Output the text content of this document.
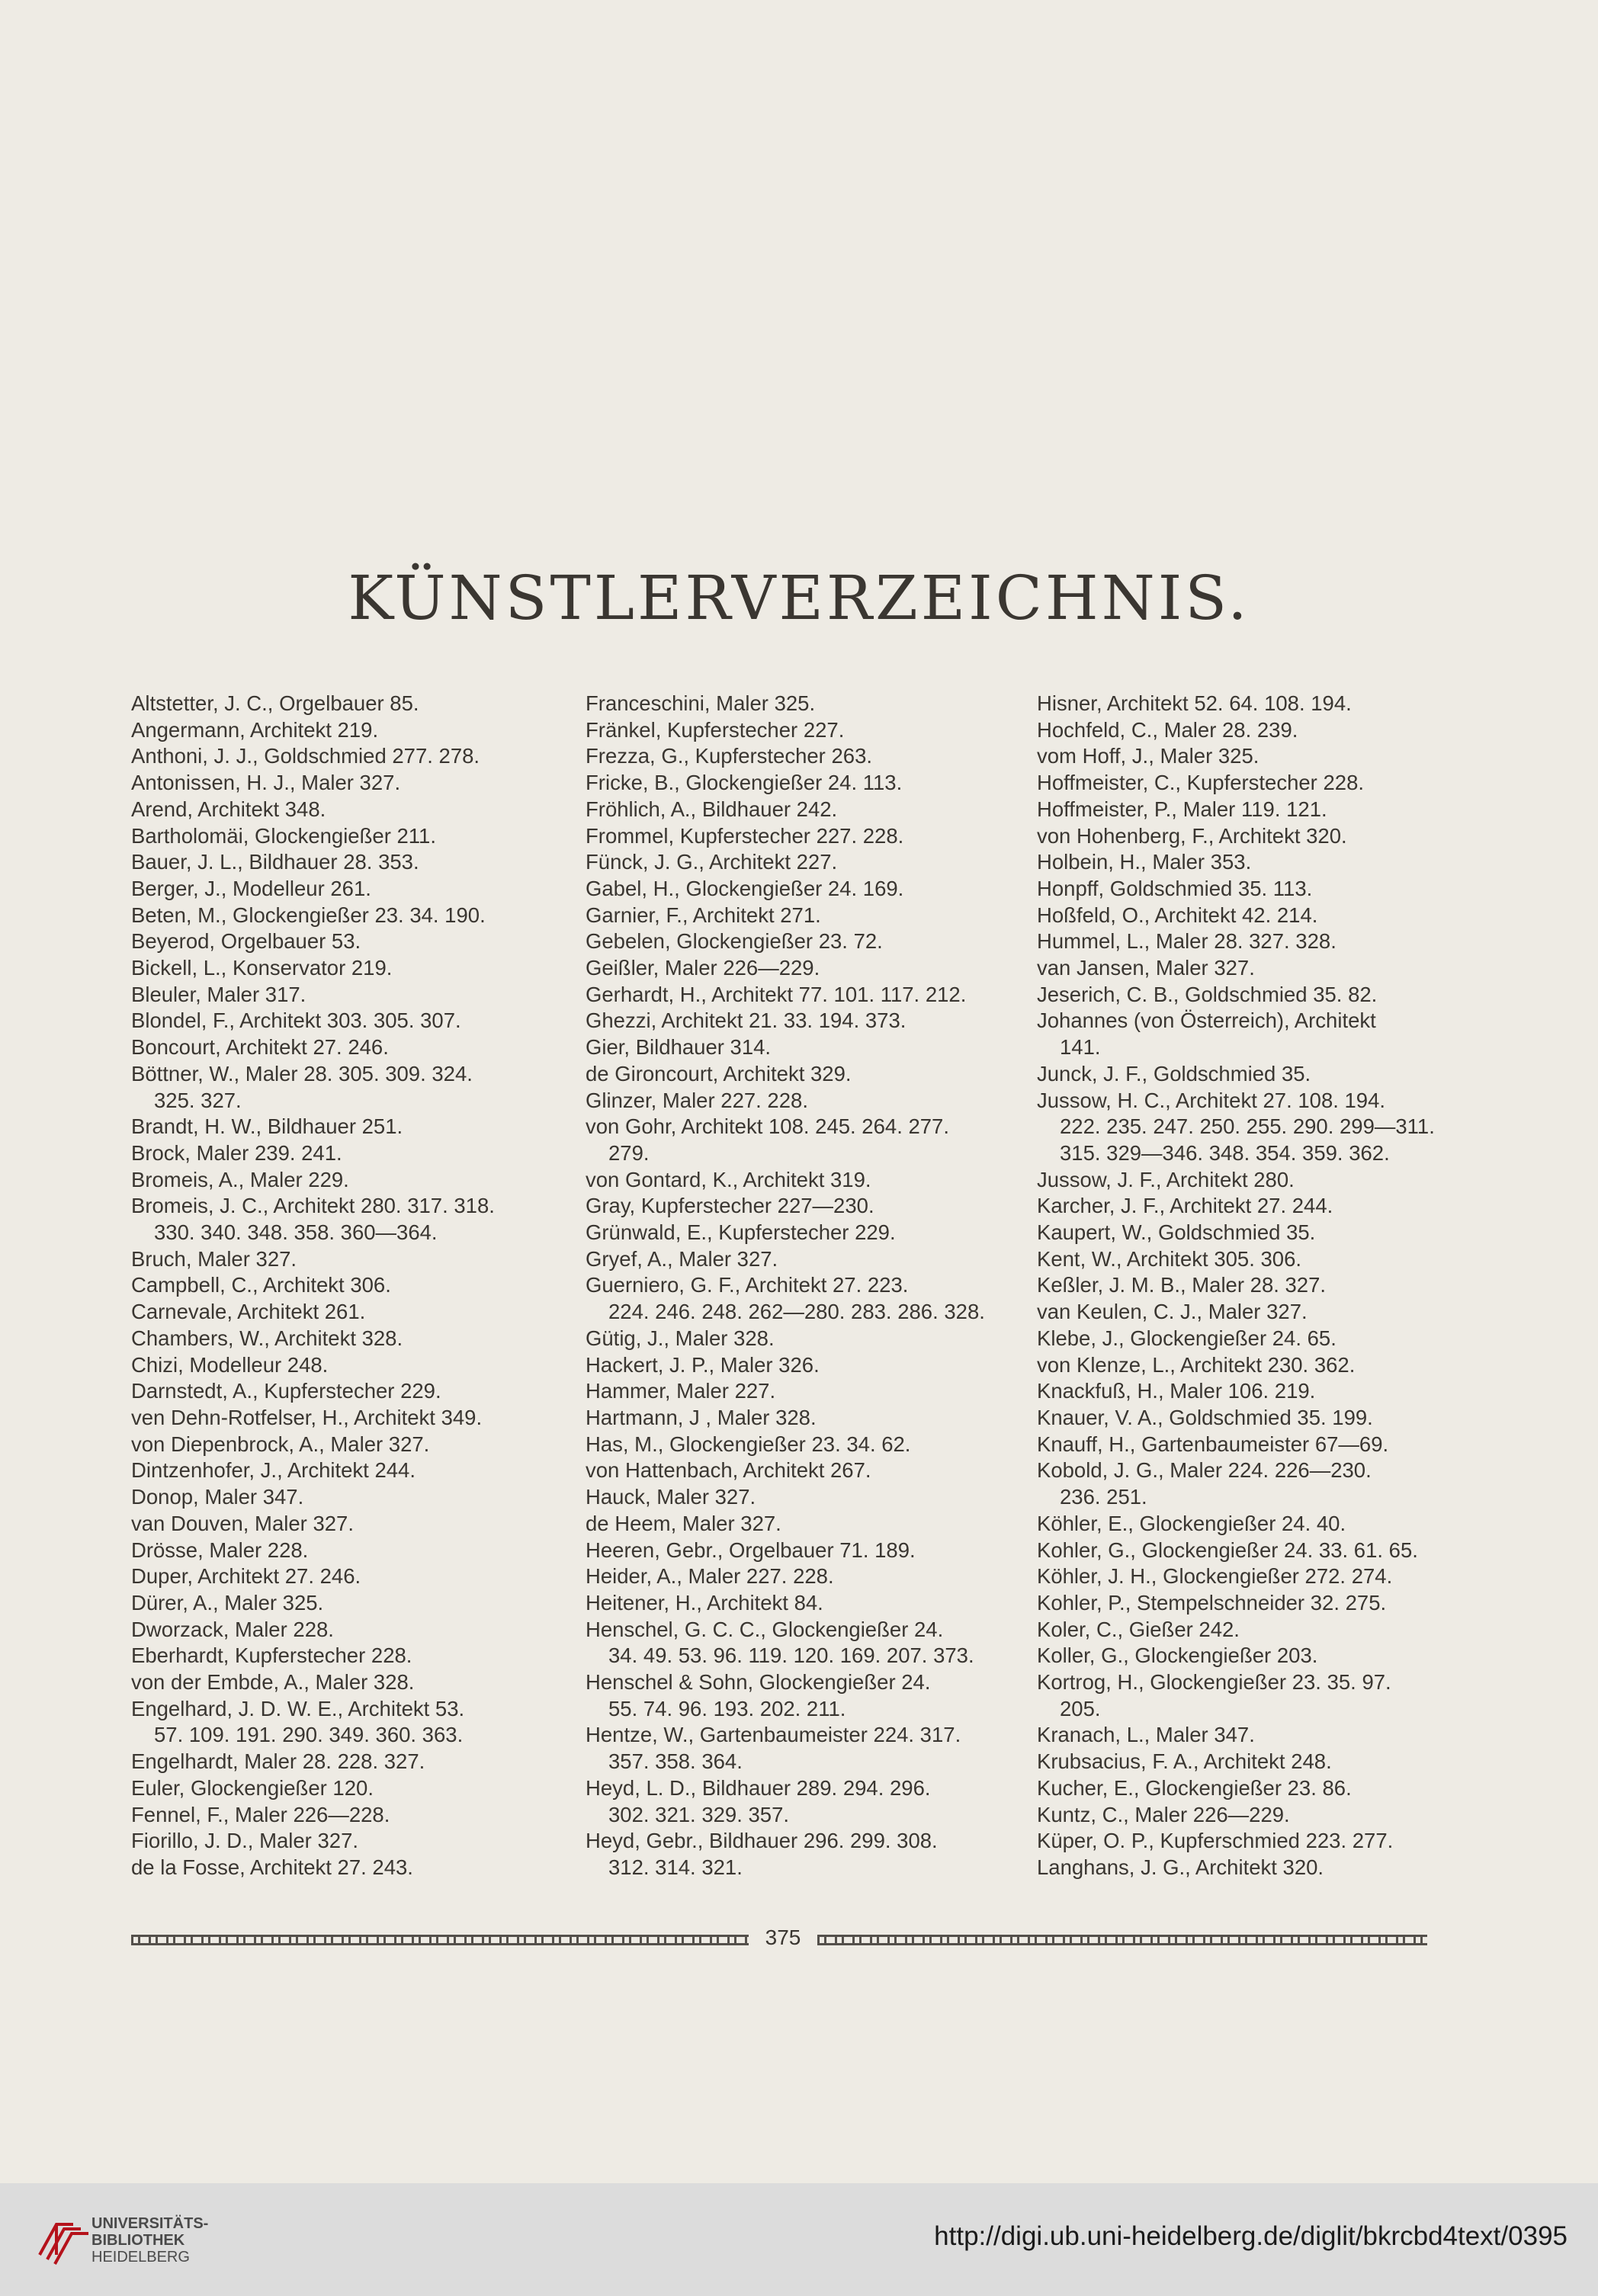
KÜNSTLERVERZEICHNIS.
Altstetter, J. C., Orgelbauer 85.
Angermann, Architekt 219.
Anthoni, J. J., Goldschmied 277. 278.
Antonissen, H. J., Maler 327.
Arend, Architekt 348.
Bartholomäi, Glockengießer 211.
Bauer, J. L., Bildhauer 28. 353.
Berger, J., Modelleur 261.
Beten, M., Glockengießer 23. 34. 190.
Beyerod, Orgelbauer 53.
Bickell, L., Konservator 219.
Bleuler, Maler 317.
Blondel, F., Architekt 303. 305. 307.
Boncourt, Architekt 27. 246.
Böttner, W., Maler 28. 305. 309. 324.
325. 327.
Brandt, H. W., Bildhauer 251.
Brock, Maler 239. 241.
Bromeis, A., Maler 229.
Bromeis, J. C., Architekt 280. 317. 318.
330. 340. 348. 358. 360—364.
Bruch, Maler 327.
Campbell, C., Architekt 306.
Carnevale, Architekt 261.
Chambers, W., Architekt 328.
Chizi, Modelleur 248.
Darnstedt, A., Kupferstecher 229.
ven Dehn-Rotfelser, H., Architekt 349.
von Diepenbrock, A., Maler 327.
Dintzenhofer, J., Architekt 244.
Donop, Maler 347.
van Douven, Maler 327.
Drösse, Maler 228.
Duper, Architekt 27. 246.
Dürer, A., Maler 325.
Dworzack, Maler 228.
Eberhardt, Kupferstecher 228.
von der Embde, A., Maler 328.
Engelhard, J. D. W. E., Architekt 53.
57. 109. 191. 290. 349. 360. 363.
Engelhardt, Maler 28. 228. 327.
Euler, Glockengießer 120.
Fennel, F., Maler 226—228.
Fiorillo, J. D., Maler 327.
de la Fosse, Architekt 27. 243.
Franceschini, Maler 325.
Fränkel, Kupferstecher 227.
Frezza, G., Kupferstecher 263.
Fricke, B., Glockengießer 24. 113.
Fröhlich, A., Bildhauer 242.
Frommel, Kupferstecher 227. 228.
Fünck, J. G., Architekt 227.
Gabel, H., Glockengießer 24. 169.
Garnier, F., Architekt 271.
Gebelen, Glockengießer 23. 72.
Geißler, Maler 226—229.
Gerhardt, H., Architekt 77. 101. 117. 212.
Ghezzi, Architekt 21. 33. 194. 373.
Gier, Bildhauer 314.
de Gironcourt, Architekt 329.
Glinzer, Maler 227. 228.
von Gohr, Architekt 108. 245. 264. 277.
279.
von Gontard, K., Architekt 319.
Gray, Kupferstecher 227—230.
Grünwald, E., Kupferstecher 229.
Gryef, A., Maler 327.
Guerniero, G. F., Architekt 27. 223.
224. 246. 248. 262—280. 283. 286. 328.
Gütig, J., Maler 328.
Hackert, J. P., Maler 326.
Hammer, Maler 227.
Hartmann, J , Maler 328.
Has, M., Glockengießer 23. 34. 62.
von Hattenbach, Architekt 267.
Hauck, Maler 327.
de Heem, Maler 327.
Heeren, Gebr., Orgelbauer 71. 189.
Heider, A., Maler 227. 228.
Heitener, H., Architekt 84.
Henschel, G. C. C., Glockengießer 24.
34. 49. 53. 96. 119. 120. 169. 207. 373.
Henschel & Sohn, Glockengießer 24.
55. 74. 96. 193. 202. 211.
Hentze, W., Gartenbaumeister 224. 317.
357. 358. 364.
Heyd, L. D., Bildhauer 289. 294. 296.
302. 321. 329. 357.
Heyd, Gebr., Bildhauer 296. 299. 308.
312. 314. 321.
Hisner, Architekt 52. 64. 108. 194.
Hochfeld, C., Maler 28. 239.
vom Hoff, J., Maler 325.
Hoffmeister, C., Kupferstecher 228.
Hoffmeister, P., Maler 119. 121.
von Hohenberg, F., Architekt 320.
Holbein, H., Maler 353.
Honpff, Goldschmied 35. 113.
Hoßfeld, O., Architekt 42. 214.
Hummel, L., Maler 28. 327. 328.
van Jansen, Maler 327.
Jeserich, C. B., Goldschmied 35. 82.
Johannes (von Österreich), Architekt
141.
Junck, J. F., Goldschmied 35.
Jussow, H. C., Architekt 27. 108. 194.
222. 235. 247. 250. 255. 290. 299—311.
315. 329—346. 348. 354. 359. 362.
Jussow, J. F., Architekt 280.
Karcher, J. F., Architekt 27. 244.
Kaupert, W., Goldschmied 35.
Kent, W., Architekt 305. 306.
Keßler, J. M. B., Maler 28. 327.
van Keulen, C. J., Maler 327.
Klebe, J., Glockengießer 24. 65.
von Klenze, L., Architekt 230. 362.
Knackfuß, H., Maler 106. 219.
Knauer, V. A., Goldschmied 35. 199.
Knauff, H., Gartenbaumeister 67—69.
Kobold, J. G., Maler 224. 226—230.
236. 251.
Köhler, E., Glockengießer 24. 40.
Kohler, G., Glockengießer 24. 33. 61. 65.
Köhler, J. H., Glockengießer 272. 274.
Kohler, P., Stempelschneider 32. 275.
Koler, C., Gießer 242.
Koller, G., Glockengießer 203.
Kortrog, H., Glockengießer 23. 35. 97.
205.
Kranach, L., Maler 347.
Krubsacius, F. A., Architekt 248.
Kucher, E., Glockengießer 23. 86.
Kuntz, C., Maler 226—229.
Küper, O. P., Kupferschmied 223. 277.
Langhans, J. G., Architekt 320.
375
UNIVERSITÄTS-
BIBLIOTHEK
HEIDELBERG
http://digi.ub.uni-heidelberg.de/diglit/bkrcbd4text/0395
